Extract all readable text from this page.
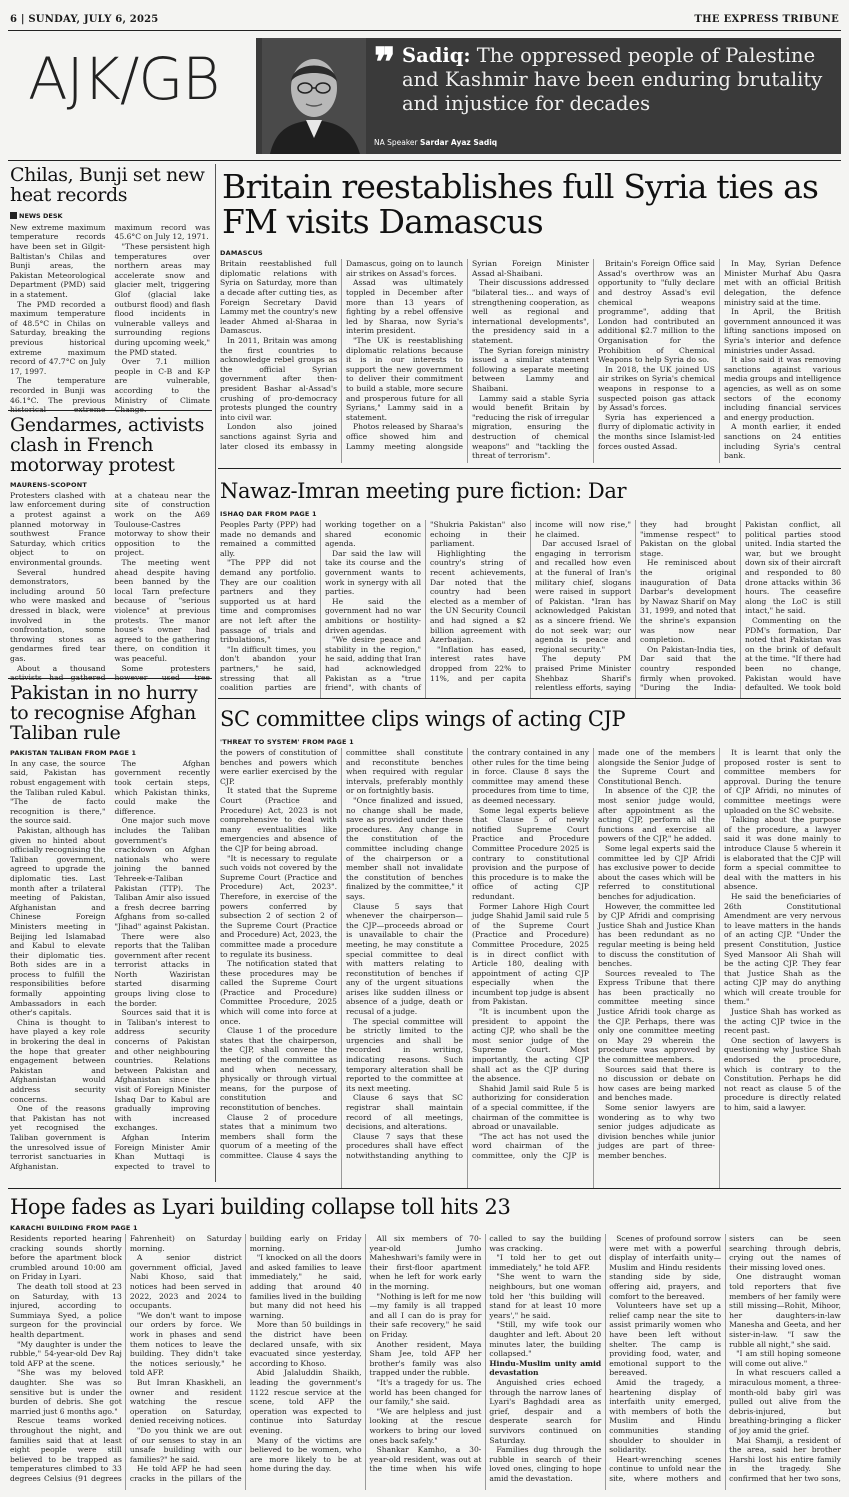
6 | SUNDAY, JULY 6, 2025	THE EXPRESS TRIBUNE
AJK/GB	❞ Sadiq: The oppressed people of Palestine and Kashmir have been enduring brutality and injustice for decades
NA Speaker Sardar Ayaz Sadiq
Chilas, Bunji set new heat records
NEWS DESK

New extreme maximum temperature records have been set in Gilgit-Baltistan's Chilas and Bunji areas, the Pakistan Meteorological Department (PMD) said in a statement.

The PMD recorded a maximum temperature of 48.5°C in Chilas on Saturday, breaking the previous historical extreme maximum record of 47.7°C on July 17, 1997.

The temperature recorded in Bunji was 46.1°C. The previous maximum record was 45.6°C on July 12, 1971.

"These persistent high temperatures over northern areas may accelerate snow and glacier melt, triggering Glof (glacial lake outburst flood) and flash flood incidents in vulnerable valleys and surrounding regions during upcoming week," the PMD stated.

Over 7.1 million people in C-B and K-P are vulnerable, according to the Ministry of Climate

Gendarmes, activists clash in French motorway protest
MAURENS-SCOPONT

Protesters clashed with law enforcement during a protest against a planned motorway in southwest France Saturday, which critics object to on environmental grounds.

Several hundred demonstrators, including around 50 who were masked and dressed in black, were involved in the confrontation, some throwing stones as gendarmes fired tear gas.

About a thousand at a chateau near the site of construction work on the A69 Toulouse-Castres motorway to show their opposition to the project.

The meeting went ahead despite having been banned by the local Tarn prefecture because of "serious violence" at previous protests. The manor house's owner had agreed to the gathering there, on condition it was peaceful.

Some protesters

Pakistan in no hurry to recognise Afghan Taliban rule
PAKISTAN TALIBAN FROM PAGE 1

In any case, the source said, Pakistan has robust engagement with the Taliban ruled Kabul. "The de facto recognition is there," the source said.

Pakistan, although has given no hinted about officially recognising the Taliban government, agreed to upgrade the diplomatic ties. Last month after a trilateral meeting of Pakistan, Afghanistan and Chinese Foreign Ministers meeting in Beijing led Islamabad and Kabul to elevate their diplomatic ties. Both sides are in a process to fulfill the responsibilities before formally appointing Ambassadors in each other's capitals.

China is thought to have played a key role in brokering the deal in the hope that greater engagement between Pakistan and Afghanistan would address security concerns.

One of the reasons that Pakistan has not yet recognised the Taliban government is the unresolved issue of terrorist sanctuaries in Afghanistan.

The Afghan government recently took certain steps, which Pakistan thinks, could make the difference.

One major such move includes the Taliban government's crackdown on Afghan nationals who were joining the banned Tehreek-e-Taliban Pakistan (TTP). The Taliban Amir also issued a fresh decree barring Afghans from so-called "Jihad" against Pakistan.

There were also reports that the Taliban government after recent terrorist attacks in North Waziristan started disarming groups living close to the border.

Sources said that it is in Taliban's interest to address security concerns of Pakistan and other neighbouring countries. Relations between Pakistan and Afghanistan since the visit of Foreign Minister Ishaq Dar to Kabul are gradually improving with increased exchanges.

Afghan Interim Foreign Minister Amir Khan Muttaqi is expected to travel to

Britain reestablishes full Syria ties as FM visits Damascus
DAMASCUS

Britain reestablished full diplomatic relations with Syria on Saturday, more than a decade after cutting ties, as Foreign Secretary David Lammy met the country's new leader Ahmed al-Sharaa in Damascus.

In 2011, Britain was among the first countries to acknowledge rebel groups as the official Syrian government after then-president Bashar al-Assad's crushing of pro-democracy protests plunged the country into civil war.

London also joined sanctions against Syria and later closed its embassy in Damascus, going on to launch air strikes on Assad's forces.

Assad was ultimately toppled in December after more than 13 years of fighting by a rebel offensive led by Sharaa, now Syria's interim president.

"The UK is reestablishing diplomatic relations because it is in our interests to support the new government to deliver their commitment to build a stable, more secure and prosperous future for all Syrians," Lammy said in a statement.

Photos released by Sharaa's office showed him and Lammy meeting alongside Syrian Foreign Minister Assad al-Shaibani.

Their discussions addressed "bilateral ties... and ways of strengthening cooperation, as well as regional and international developments", the presidency said in a statement.

The Syrian foreign ministry issued a similar statement following a separate meeting between Lammy and Shaibani.

Lammy said a stable Syria would benefit Britain by "reducing the risk of irregular migration, ensuring the destruction of chemical weapons" and "tackling the threat of terrorism".

Britain's Foreign Office said Assad's overthrow was an opportunity to "fully declare and destroy Assad's evil chemical weapons programme", adding that London had contributed an additional $2.7 million to the Organisation for the Prohibition of Chemical Weapons to help Syria do so.

In 2018, the UK joined US air strikes on Syria's chemical weapons in response to a suspected poison gas attack by Assad's forces.

Syria has experienced a flurry of diplomatic activity in the months since Islamist-led forces ousted Assad.

In May, Syrian Defence Minister Murhaf Abu Qasra met with an official British delegation, the defence ministry said at the time.

In April, the British government announced it was lifting sanctions imposed on Syria's interior and defence ministries under Assad.

It also said it was removing sanctions against various media groups and intelligence agencies, as well as on some sectors of the economy including financial services and energy production.

A month earlier, it ended sanctions on 24 entities including Syria's central bank.

Nawaz-Imran meeting pure fiction: Dar
ISHAQ DAR FROM PAGE 1

Peoples Party (PPP) had made no demands and remained a committed ally.

"The PPP did not demand any portfolio. They are our coalition partners and they supported us at hard time and compromises are not left after the passage of trials and tribulations,"

"In difficult times, you don't abandon your partners," he said, stressing that all coalition parties are working together on a shared economic agenda.

Dar said the law will take its course and the government wants to work in synergy with all parties.

He said the government had no war ambitions or hostility-driven agendas.

"We desire peace and stability in the region," he said, adding that Iran had acknowledged Pakistan as a "true friend", with chants of "Shukria Pakistan" also echoing in their parliament.

Highlighting the country's string of recent achievements, Dar noted that the country had been elected as a member of the UN Security Council and had signed a $2 billion agreement with Azerbaijan.

"Inflation has eased, interest rates have dropped from 22% to 11%, and per capita income will now rise," he claimed.

Dar accused Israel of engaging in terrorism and recalled how even at the funeral of Iran's military chief, slogans were raised in support of Pakistan. "Iran has acknowledged Pakistan as a sincere friend. We do not seek war; our agenda is peace and regional security."

The deputy PM praised Prime Minister Shehbaz Sharif's relentless efforts, saying they had brought "immense respect" to Pakistan on the global stage.

He reminisced about the original inauguration of Data Darbar's development by Nawaz Sharif on May 31, 1999, and noted that the shrine's expansion was now near completion.

On Pakistan-India ties, Dar said that the country responded firmly when provoked. "During the India-Pakistan conflict, all political parties stood united. India started the war, but we brought down six of their aircraft and responded to 80 drone attacks within 36 hours. The ceasefire along the LoC is still intact," he said.

Commenting on the PDM's formation, Dar noted that Pakistan was on the brink of default at the time. "If there had been no change, Pakistan would have defaulted. We took bold

SC committee clips wings of acting CJP
'THREAT TO SYSTEM' FROM PAGE 1

the powers of constitution of benches and powers which were earlier exercised by the CJP.

It stated that the Supreme Court (Practice and Procedure) Act, 2023 is not comprehensive to deal with many eventualities like emergencies and absence of the CJP for being abroad.

"It is necessary to regulate such voids not covered by the Supreme Court (Practice and Procedure) Act, 2023". Therefore, in exercise of the powers conferred by subsection 2 of section 2 of the Supreme Court (Practice and Procedure) Act, 2023, the committee made a procedure to regulate its business.

The notification stated that these procedures may be called the Supreme Court (Practice and Procedure) Committee Procedure, 2025 which will come into force at once.

Clause 1 of the procedure states that the chairperson, the CJP, shall convene the meeting of the committee as and when necessary, physically or through virtual means, for the purpose of constitution and reconstitution of benches.

Clause 2 of procedure states that a minimum two members shall form the quorum of a meeting of the committee. Clause 4 says the committee shall constitute and reconstitute benches when required with regular intervals, preferably monthly or on fortnightly basis.

"Once finalized and issued, no change shall be made, save as provided under these procedures. Any change in the constitution of the committee including change of the chairperson or a member shall not invalidate the constitution of benches finalized by the committee," it says.

Clause 5 says that whenever the chairperson—the CJP—proceeds abroad or is unavailable to chair the meeting, he may constitute a special committee to deal with matters relating to reconstitution of benches if any of the urgent situations arises like sudden illness or absence of a judge, death or recusal of a judge.

The special committee will be strictly limited to the urgencies and shall be recorded in writing, indicating reasons. Such temporary alteration shall be reported to the committee at its next meeting.

Clause 6 says that SC registrar shall maintain record of all meetings, decisions, and alterations.

Clause 7 says that these procedures shall have effect notwithstanding anything to the contrary contained in any other rules for the time being in force. Clause 8 says the committee may amend these procedures from time to time, as deemed necessary.

Some legal experts believe that Clause 5 of newly notified Supreme Court Practice and Procedure Committee Procedure 2025 is contrary to constitutional provision and the purpose of this procedure is to make the office of acting CJP redundant.

Former Lahore High Court judge Shahid Jamil said rule 5 of the Supreme Court (Practice and Procedure) Committee Procedure, 2025 is in direct conflict with Article 180, dealing with appointment of acting CJP especially when the incumbent top judge is absent from Pakistan.

"It is incumbent upon the president to appoint the acting CJP, who shall be the most senior judge of the Supreme Court. Most importantly, the acting CJP shall act as the CJP during the absence.

Shahid Jamil said Rule 5 is authorizing for consideration of a special committee, if the chairman of the committee is abroad or unavailable.

"The act has not used the word chairman of the committee, only the CJP is made one of the members alongside the Senior Judge of the Supreme Court and Constitutional Bench.

In absence of the CJP, the most senior judge would, after appointment as the acting CJP, perform all the functions and exercise all powers of the CJP," he added.

Some legal experts said the committee led by CJP Afridi has exclusive power to decide about the cases which will be referred to constitutional benches for adjudication.

However, the committee led by CJP Afridi and comprising Justice Shah and Justice Khan has been redundant as no regular meeting is being held to discuss the constitution of benches.

Sources revealed to The Express Tribune that there has been practically no committee meeting since Justice Afridi took charge as the CJP. Perhaps, there was only one committee meeting on May 29 wherein the procedure was approved by the committee members.

Sources said that there is no discussion or debate on how cases are being marked and benches made.

Some senior lawyers are wondering as to why two senior judges adjudicate as division benches while junior judges are part of three-member benches.

It is learnt that only the proposed roster is sent to committee members for approval. During the tenure of CJP Afridi, no minutes of committee meetings were uploaded on the SC website.

Talking about the purpose of the procedure, a lawyer said it was done mainly to introduce Clause 5 wherein it is elaborated that the CJP will form a special committee to deal with the matters in his absence.

He said the beneficiaries of 26th Constitutional Amendment are very nervous to leave matters in the hands of an acting CJP. "Under the present Constitution, Justice Syed Mansoor Ali Shah will be the acting CJP. They fear that Justice Shah as the acting CJP may do anything which will create trouble for them."

Justice Shah has worked as the acting CJP twice in the recent past.

One section of lawyers is questioning why Justice Shah endorsed the procedure, which is contrary to the Constitution. Perhaps he did not react as clause 5 of the procedure is directly related to him, said a lawyer.

Hope fades as Lyari building collapse toll hits 23
KARACHI BUILDING FROM PAGE 1

Residents reported hearing cracking sounds shortly before the apartment block crumbled around 10:00 am on Friday in Lyari.

The death toll stood at 23 on Saturday, with 13 injured, according to Summiaya Syed, a police surgeon for the provincial health department.

"My daughter is under the rubble," 54-year-old Dev Raj told AFP at the scene.

"She was my beloved daughter. She was so sensitive but is under the burden of debris. She got married just 6 months ago."

Rescue teams worked throughout the night, and families said that at least eight people were still believed to be trapped as temperatures climbed to 33 degrees Celsius (91 degrees Fahrenheit) on Saturday morning.

A senior district government official, Javed Nabi Khoso, said that notices had been served in 2022, 2023 and 2024 to occupants.

"We don't want to impose our orders by force. We work in phases and send them notices to leave the building. They didn't take the notices seriously," he told AFP.

But Imran Khaskheli, an owner and resident watching the rescue operation on Saturday, denied receiving notices.

"Do you think we are out of our senses to stay in an unsafe building with our families?" he said.

He told AFP he had seen cracks in the pillars of the building early on Friday morning.

"I knocked on all the doors and asked families to leave immediately," he said, adding that around 40 families lived in the building but many did not heed his warning.

More than 50 buildings in the district have been declared unsafe, with six evacuated since yesterday, according to Khoso.

Abid Jalaluddin Shaikh, leading the government's 1122 rescue service at the scene, told AFP the operation was expected to continue into Saturday evening.

Many of the victims are believed to be women, who are more likely to be at home during the day.

All six members of 70-year-old Jumho Maheshwari's family were in their first-floor apartment when he left for work early in the morning.

"Nothing is left for me now—my family is all trapped and all I can do is pray for their safe recovery," he said on Friday.

Another resident, Maya Sham Jee, told AFP her brother's family was also trapped under the rubble.

"It's a tragedy for us. The world has been changed for our family," she said.

"We are helpless and just looking at the rescue workers to bring our loved ones back safely."

Shankar Kamho, a 30-year-old resident, was out at the time when his wife called to say the building was cracking.

"I told her to get out immediately," he told AFP.

"She went to warn the neighbours, but one woman told her 'this building will stand for at least 10 more years'," he said.

"Still, my wife took our daughter and left. About 20 minutes later, the building collapsed."

Hindu-Muslim unity amid devastation

Anguished cries echoed through the narrow lanes of Lyari's Baghdadi area as grief, despair and a desperate search for survivors continued on Saturday.

Families dug through the rubble in search of their loved ones, clinging to hope amid the devastation.

Scenes of profound sorrow were met with a powerful display of interfaith unity—Muslim and Hindu residents standing side by side, offering aid, prayers, and comfort to the bereaved.

Volunteers have set up a relief camp near the site to assist primarily women who have been left without shelter. The camp is providing food, water, and emotional support to the bereaved.

Amid the tragedy, a heartening display of interfaith unity emerged, with members of both the Muslim and Hindu communities standing shoulder to shoulder in solidarity.

Heart-wrenching scenes continue to unfold near the site, where mothers and sisters can be seen searching through debris, crying out the names of their missing loved ones.

One distraught woman told reporters that five members of her family were still missing—Rohit, Mihoor, her daughters-in-law Manesha and Geeta, and her sister-in-law. "I saw the rubble all night," she said.

"I am still hoping someone will come out alive."

In what rescuers called a miraculous moment, a three-month-old baby girl was pulled out alive from the debris-injured, but breathing-bringing a flicker of joy amid the grief.

Mai Shamji, a resident of the area, said her brother Harshi lost his entire family in the tragedy. She confirmed that her two sons,
